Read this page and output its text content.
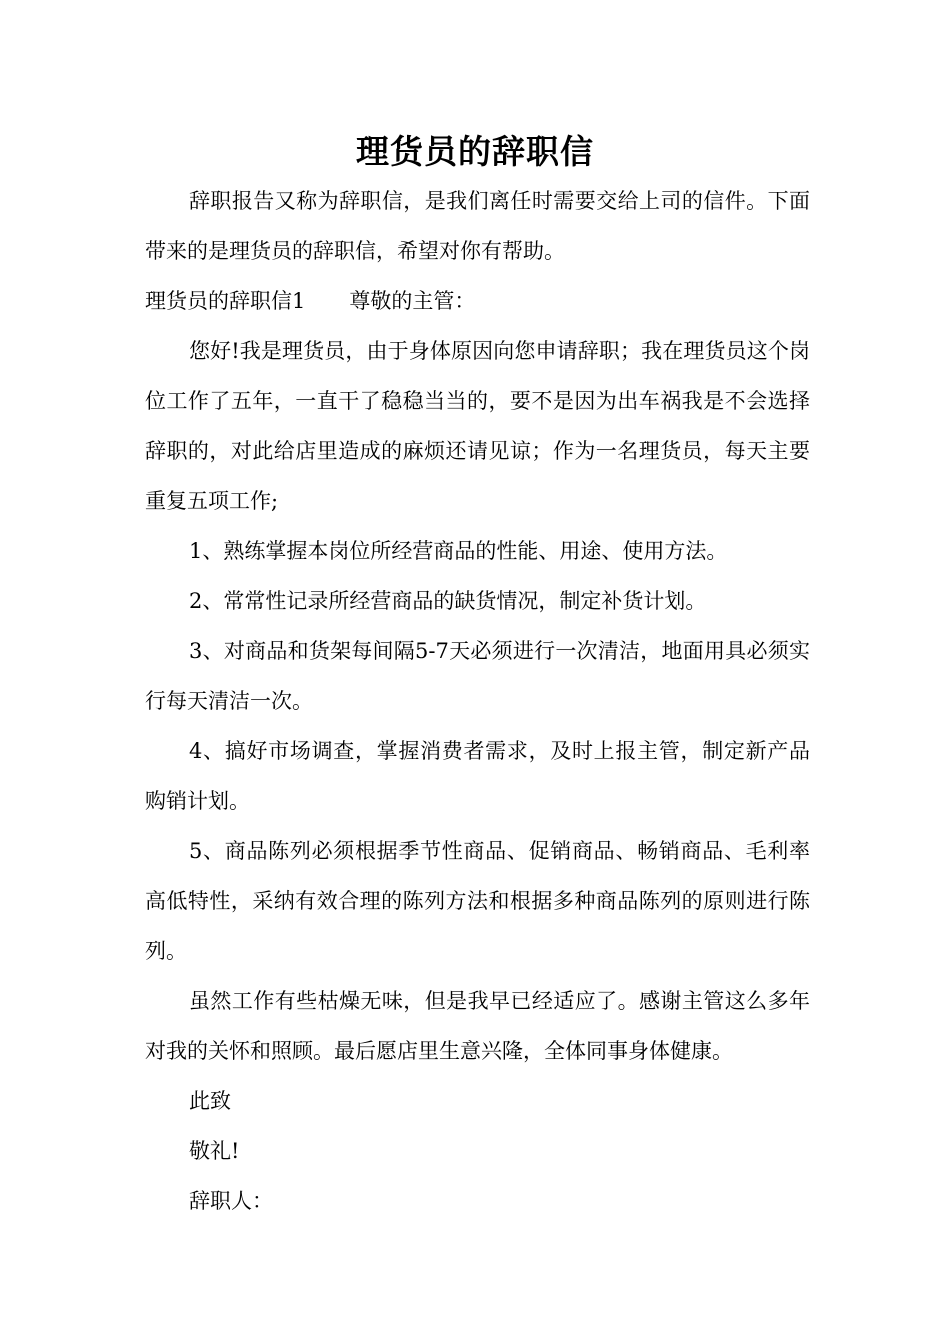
理货员的辞职信

辞职报告又称为辞职信，是我们离任时需要交给上司的信件。下面带来的是理货员的辞职信，希望对你有帮助。

理货员的辞职信1 尊敬的主管：

您好!我是理货员，由于身体原因向您申请辞职；我在理货员这个岗位工作了五年，一直干了稳稳当当的，要不是因为出车祸我是不会选择辞职的，对此给店里造成的麻烦还请见谅；作为一名理货员，每天主要重复五项工作;

1、熟练掌握本岗位所经营商品的性能、用途、使用方法。

2、常常性记录所经营商品的缺货情况，制定补货计划。

3、对商品和货架每间隔5-7天必须进行一次清洁，地面用具必须实行每天清洁一次。

4、搞好市场调查，掌握消费者需求，及时上报主管，制定新产品购销计划。

5、商品陈列必须根据季节性商品、促销商品、畅销商品、毛利率高低特性，采纳有效合理的陈列方法和根据多种商品陈列的原则进行陈列。

虽然工作有些枯燥无味，但是我早已经适应了。感谢主管这么多年对我的关怀和照顾。最后愿店里生意兴隆，全体同事身体健康。

此致

敬礼!

辞职人：
